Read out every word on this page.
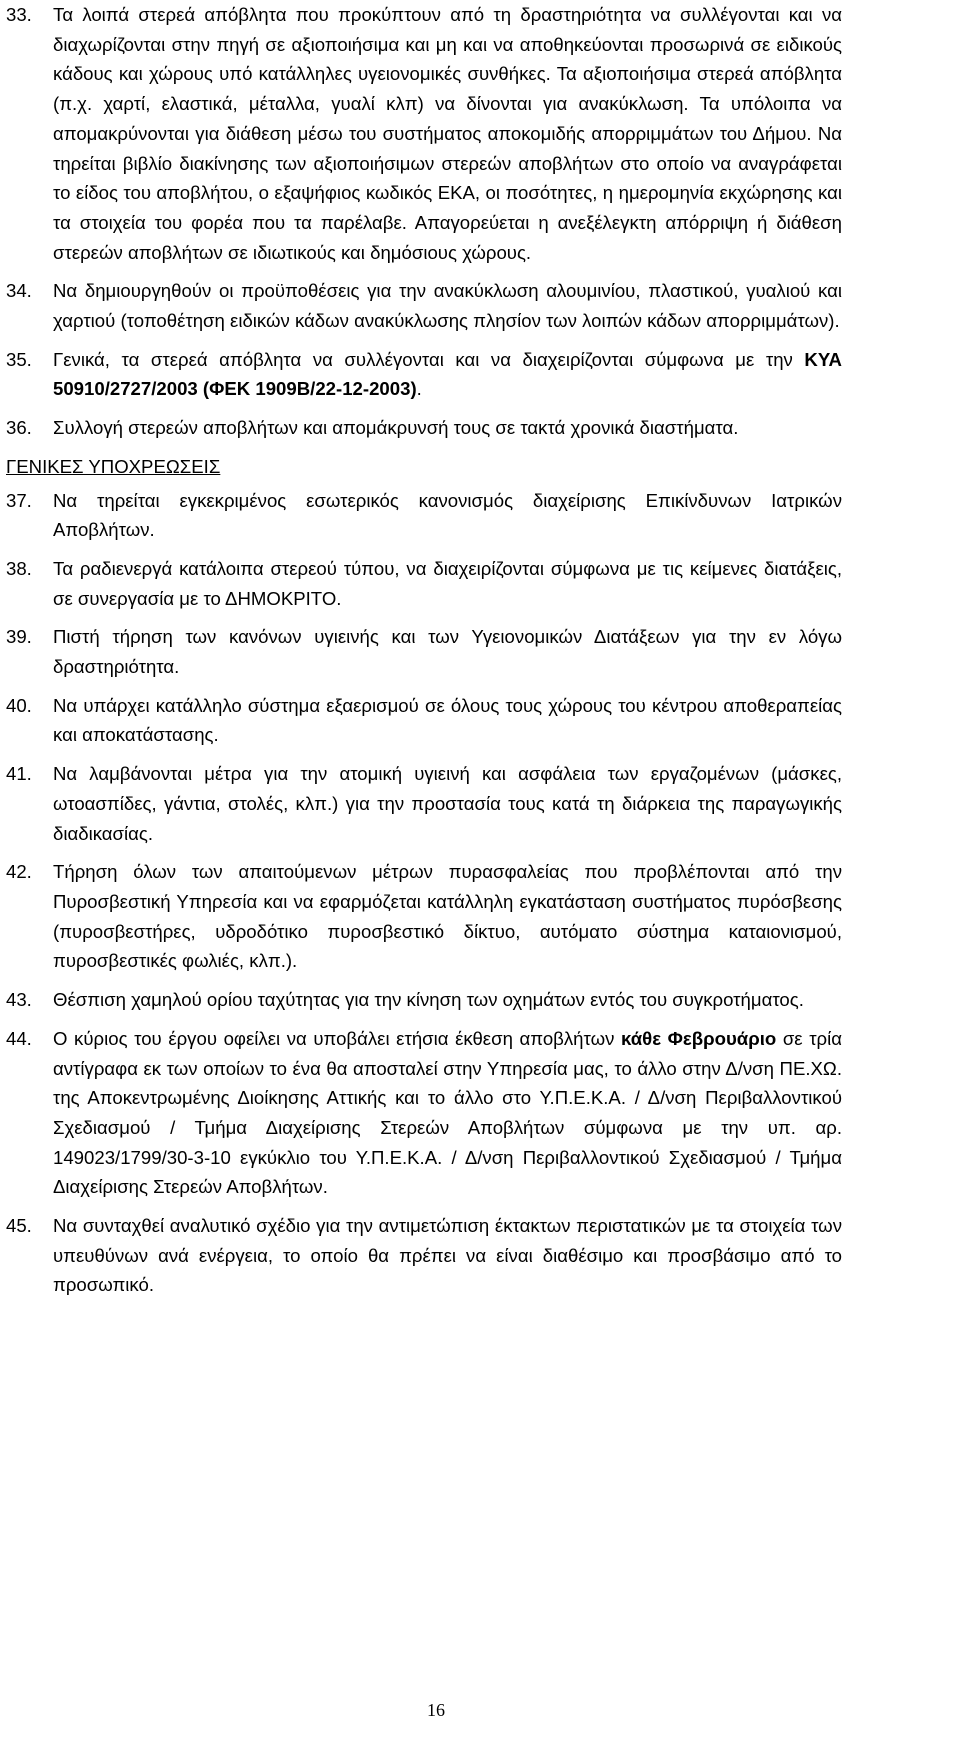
33. Τα λοιπά στερεά απόβλητα που προκύπτουν από τη δραστηριότητα να συλλέγονται και να διαχωρίζονται στην πηγή σε αξιοποιήσιμα και μη και να αποθηκεύονται προσωρινά σε ειδικούς κάδους και χώρους υπό κατάλληλες υγειονομικές συνθήκες. Τα αξιοποιήσιμα στερεά απόβλητα (π.χ. χαρτί, ελαστικά, μέταλλα, γυαλί κλπ) να δίνονται για ανακύκλωση. Τα υπόλοιπα να απομακρύνονται για διάθεση μέσω του συστήματος αποκομιδής απορριμμάτων του Δήμου. Να τηρείται βιβλίο διακίνησης των αξιοποιήσιμων στερεών αποβλήτων στο οποίο να αναγράφεται το είδος του αποβλήτου, ο εξαψήφιος κωδικός ΕΚΑ, οι ποσότητες, η ημερομηνία εκχώρησης και τα στοιχεία του φορέα που τα παρέλαβε. Απαγορεύεται η ανεξέλεγκτη απόρριψη ή διάθεση στερεών αποβλήτων σε ιδιωτικούς και δημόσιους χώρους.
34. Να δημιουργηθούν οι προϋποθέσεις για την ανακύκλωση αλουμινίου, πλαστικού, γυαλιού και χαρτιού (τοποθέτηση ειδικών κάδων ανακύκλωσης πλησίον των λοιπών κάδων απορριμμάτων).
35. Γενικά, τα στερεά απόβλητα να συλλέγονται και να διαχειρίζονται σύμφωνα με την ΚΥΑ 50910/2727/2003 (ΦΕΚ 1909Β/22-12-2003).
36. Συλλογή στερεών αποβλήτων και απομάκρυνσή τους σε τακτά χρονικά διαστήματα.
ΓΕΝΙΚΕΣ ΥΠΟΧΡΕΩΣΕΙΣ
37. Να τηρείται εγκεκριμένος εσωτερικός κανονισμός διαχείρισης Επικίνδυνων Ιατρικών Αποβλήτων.
38. Τα ραδιενεργά κατάλοιπα στερεού τύπου, να διαχειρίζονται σύμφωνα με τις κείμενες διατάξεις, σε συνεργασία με το ΔΗΜΟΚΡΙΤΟ.
39. Πιστή τήρηση των κανόνων υγιεινής και των Υγειονομικών Διατάξεων για την εν λόγω δραστηριότητα.
40. Να υπάρχει κατάλληλο σύστημα εξαερισμού σε όλους τους χώρους του κέντρου αποθεραπείας και αποκατάστασης.
41. Να λαμβάνονται μέτρα για την ατομική υγιεινή και ασφάλεια των εργαζομένων (μάσκες, ωτοασπίδες, γάντια, στολές, κλπ.) για την προστασία τους κατά τη διάρκεια της παραγωγικής διαδικασίας.
42. Τήρηση όλων των απαιτούμενων μέτρων πυρασφαλείας που προβλέπονται από την Πυροσβεστική Υπηρεσία και να εφαρμόζεται κατάλληλη εγκατάσταση συστήματος πυρόσβεσης (πυροσβεστήρες, υδροδότικο πυροσβεστικό δίκτυο, αυτόματο σύστημα καταιονισμού, πυροσβεστικές φωλιές, κλπ.).
43. Θέσπιση χαμηλού ορίου ταχύτητας για την κίνηση των οχημάτων εντός του συγκροτήματος.
44. Ο κύριος του έργου οφείλει να υποβάλει ετήσια έκθεση αποβλήτων κάθε Φεβρουάριο σε τρία αντίγραφα εκ των οποίων το ένα θα αποσταλεί στην Υπηρεσία μας, το άλλο στην Δ/νση ΠΕ.ΧΩ. της Αποκεντρωμένης Διοίκησης Αττικής και το άλλο στο Υ.Π.Ε.Κ.Α. / Δ/νση Περιβαλλοντικού Σχεδιασμού / Τμήμα Διαχείρισης Στερεών Αποβλήτων σύμφωνα με την υπ. αρ. 149023/1799/30-3-10 εγκύκλιο του Υ.Π.Ε.Κ.Α. / Δ/νση Περιβαλλοντικού Σχεδιασμού / Τμήμα Διαχείρισης Στερεών Αποβλήτων.
45. Να συνταχθεί αναλυτικό σχέδιο για την αντιμετώπιση έκτακτων περιστατικών με τα στοιχεία των υπευθύνων ανά ενέργεια, το οποίο θα πρέπει να είναι διαθέσιμο και προσβάσιμο από το προσωπικό.
16
